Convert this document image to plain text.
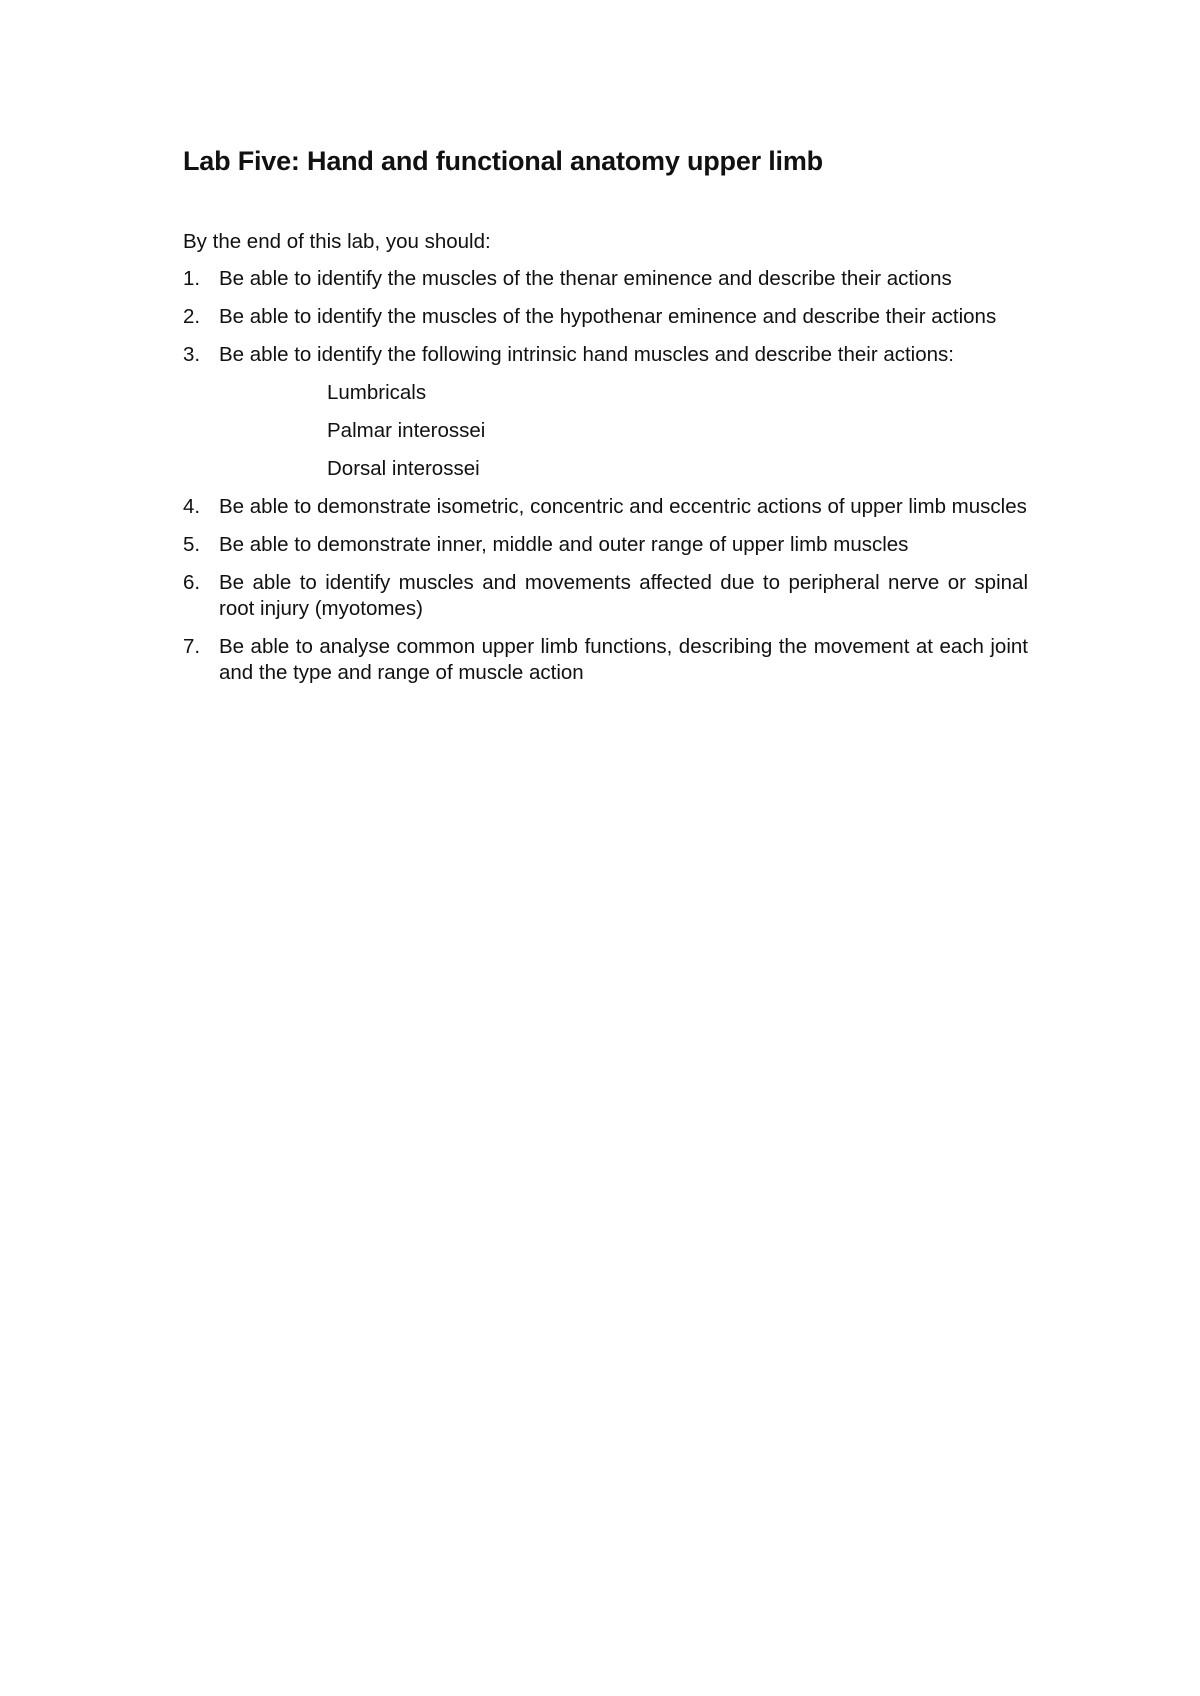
Lab Five: Hand and functional anatomy upper limb

By the end of this lab, you should:

1. Be able to identify the muscles of the thenar eminence and describe their actions
2. Be able to identify the muscles of the hypothenar eminence and describe their actions
3. Be able to identify the following intrinsic hand muscles and describe their actions:
Lumbricals
Palmar interossei
Dorsal interossei
4. Be able to demonstrate isometric, concentric and eccentric actions of upper limb muscles
5. Be able to demonstrate inner, middle and outer range of upper limb muscles
6. Be able to identify muscles and movements affected due to peripheral nerve or spinal root injury (myotomes)
7. Be able to analyse common upper limb functions, describing the movement at each joint and the type and range of muscle action
